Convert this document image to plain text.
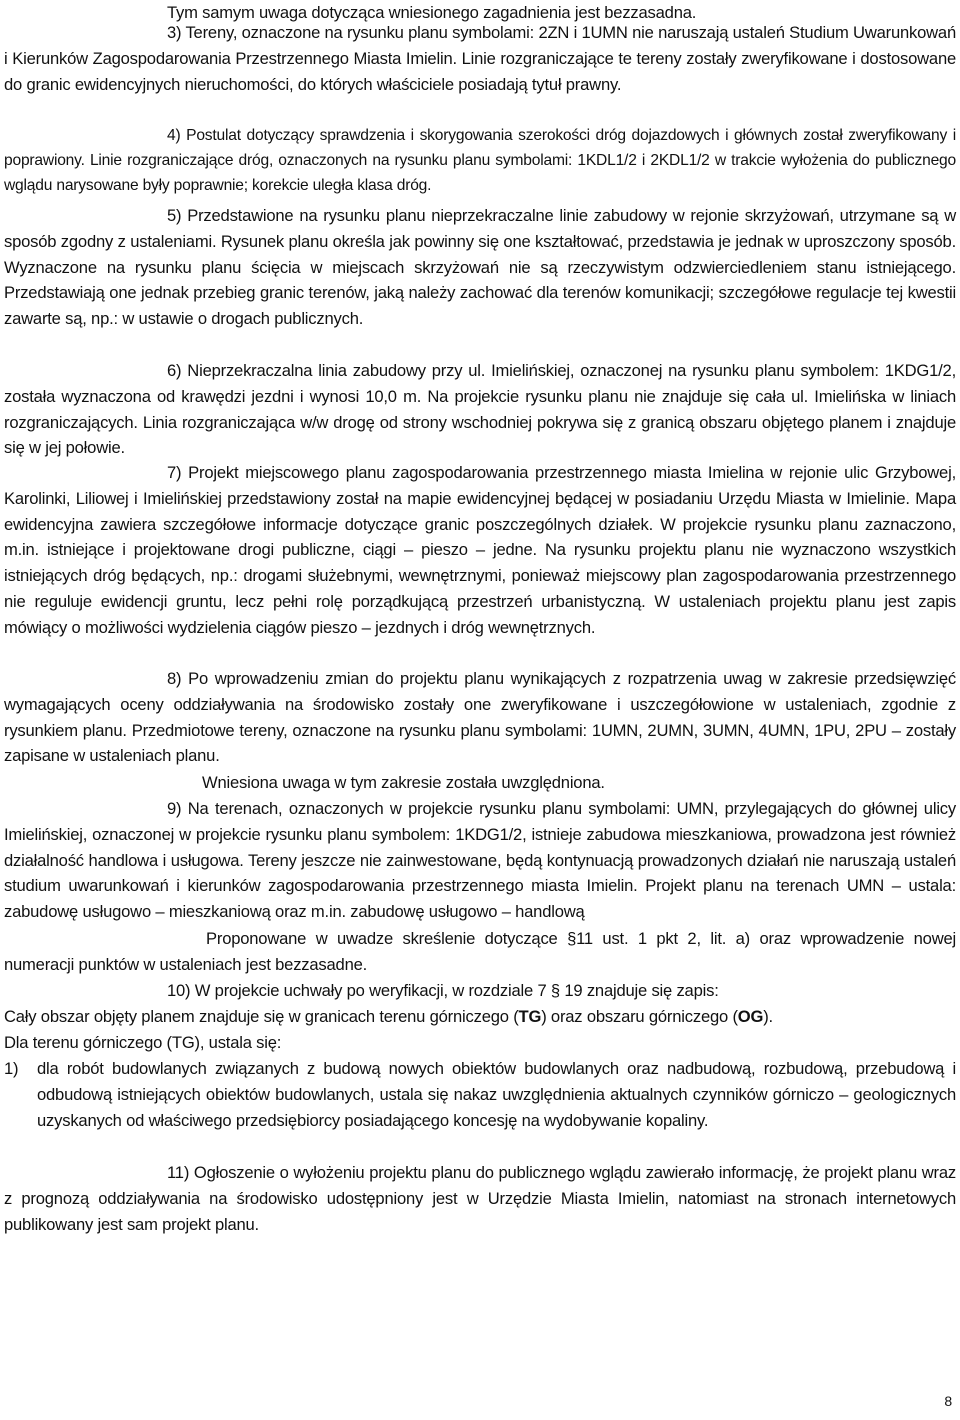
Tym samym uwaga dotycząca wniesionego zagadnienia jest bezzasadna.

3) Tereny, oznaczone na rysunku planu symbolami: 2ZN i 1UMN nie naruszają ustaleń Studium Uwarunkowań i Kierunków Zagospodarowania Przestrzennego Miasta Imielin. Linie rozgraniczające te tereny zostały zweryfikowane i dostosowane do granic ewidencyjnych nieruchomości, do których właściciele posiadają tytuł prawny.

4) Postulat dotyczący sprawdzenia i skorygowania szerokości dróg dojazdowych i głównych został zweryfikowany i poprawiony. Linie rozgraniczające dróg, oznaczonych na rysunku planu symbolami: 1KDL1/2 i 2KDL1/2 w trakcie wyłożenia do publicznego wglądu narysowane były poprawnie; korekcie uległa klasa dróg.

5) Przedstawione na rysunku planu nieprzekraczalne linie zabudowy w rejonie skrzyżowań, utrzymane są w sposób zgodny z ustaleniami. Rysunek planu określa jak powinny się one kształtować, przedstawia je jednak w uproszczony sposób. Wyznaczone na rysunku planu ścięcia w miejscach skrzyżowań nie są rzeczywistym odzwierciedleniem stanu istniejącego. Przedstawiają one jednak przebieg granic terenów, jaką należy zachować dla terenów komunikacji; szczegółowe regulacje tej kwestii zawarte są, np.: w ustawie o drogach publicznych.

6) Nieprzekraczalna linia zabudowy przy ul. Imielińskiej, oznaczonej na rysunku planu symbolem: 1KDG1/2, została wyznaczona od krawędzi jezdni i wynosi 10,0 m. Na projekcie rysunku planu nie znajduje się cała ul. Imielińska w liniach rozgraniczających. Linia rozgraniczająca w/w drogę od strony wschodniej pokrywa się z granicą obszaru objętego planem i znajduje się w jej połowie.

7) Projekt miejscowego planu zagospodarowania przestrzennego miasta Imielina w rejonie ulic Grzybowej, Karolinki, Liliowej i Imielińskiej przedstawiony został na mapie ewidencyjnej będącej w posiadaniu Urzędu Miasta w Imielinie. Mapa ewidencyjna zawiera szczegółowe informacje dotyczące granic poszczególnych działek. W projekcie rysunku planu zaznaczono, m.in. istniejące i projektowane drogi publiczne, ciągi – pieszo – jedne. Na rysunku projektu planu nie wyznaczono wszystkich istniejących dróg będących, np.: drogami służebnymi, wewnętrznymi, ponieważ miejscowy plan zagospodarowania przestrzennego nie reguluje ewidencji gruntu, lecz pełni rolę porządkującą przestrzeń urbanistyczną. W ustaleniach projektu planu jest zapis mówiący o możliwości wydzielenia ciągów pieszo – jezdnych i dróg wewnętrznych.

8) Po wprowadzeniu zmian do projektu planu wynikających z rozpatrzenia uwag w zakresie przedsięwzięć wymagających oceny oddziaływania na środowisko zostały one zweryfikowane i uszczegółowione w ustaleniach, zgodnie z rysunkiem planu. Przedmiotowe tereny, oznaczone na rysunku planu symbolami: 1UMN, 2UMN, 3UMN, 4UMN, 1PU, 2PU – zostały zapisane w ustaleniach planu.

Wniesiona uwaga w tym zakresie została uwzględniona.

9) Na terenach, oznaczonych w projekcie rysunku planu symbolami: UMN, przylegających do głównej ulicy Imielińskiej, oznaczonej w projekcie rysunku planu symbolem: 1KDG1/2, istnieje zabudowa mieszkaniowa, prowadzona jest również działalność handlowa i usługowa. Tereny jeszcze nie zainwestowane, będą kontynuacją prowadzonych działań nie naruszają ustaleń studium uwarunkowań i kierunków zagospodarowania przestrzennego miasta Imielin. Projekt planu na terenach UMN – ustala: zabudowę usługowo – mieszkaniową oraz m.in. zabudowę usługowo – handlową

Proponowane w uwadze skreślenie dotyczące §11 ust. 1 pkt 2, lit. a) oraz wprowadzenie nowej numeracji punktów w ustaleniach jest bezzasadne.

10) W projekcie uchwały po weryfikacji, w rozdziale 7 § 19 znajduje się zapis:

Cały obszar objęty planem znajduje się w granicach terenu górniczego (TG) oraz obszaru górniczego (OG).

Dla terenu górniczego (TG), ustala się:

1) dla robót budowlanych związanych z budową nowych obiektów budowlanych oraz nadbudową, rozbudową, przebudową i odbudową istniejących obiektów budowlanych, ustala się nakaz uwzględnienia aktualnych czynników górniczo – geologicznych uzyskanych od właściwego przedsiębiorcy posiadającego koncesję na wydobywanie kopaliny.

11) Ogłoszenie o wyłożeniu projektu planu do publicznego wglądu zawierało informację, że projekt planu wraz z prognozą oddziaływania na środowisko udostępniony jest w Urzędzie Miasta Imielin, natomiast na stronach internetowych publikowany jest sam projekt planu.

8
